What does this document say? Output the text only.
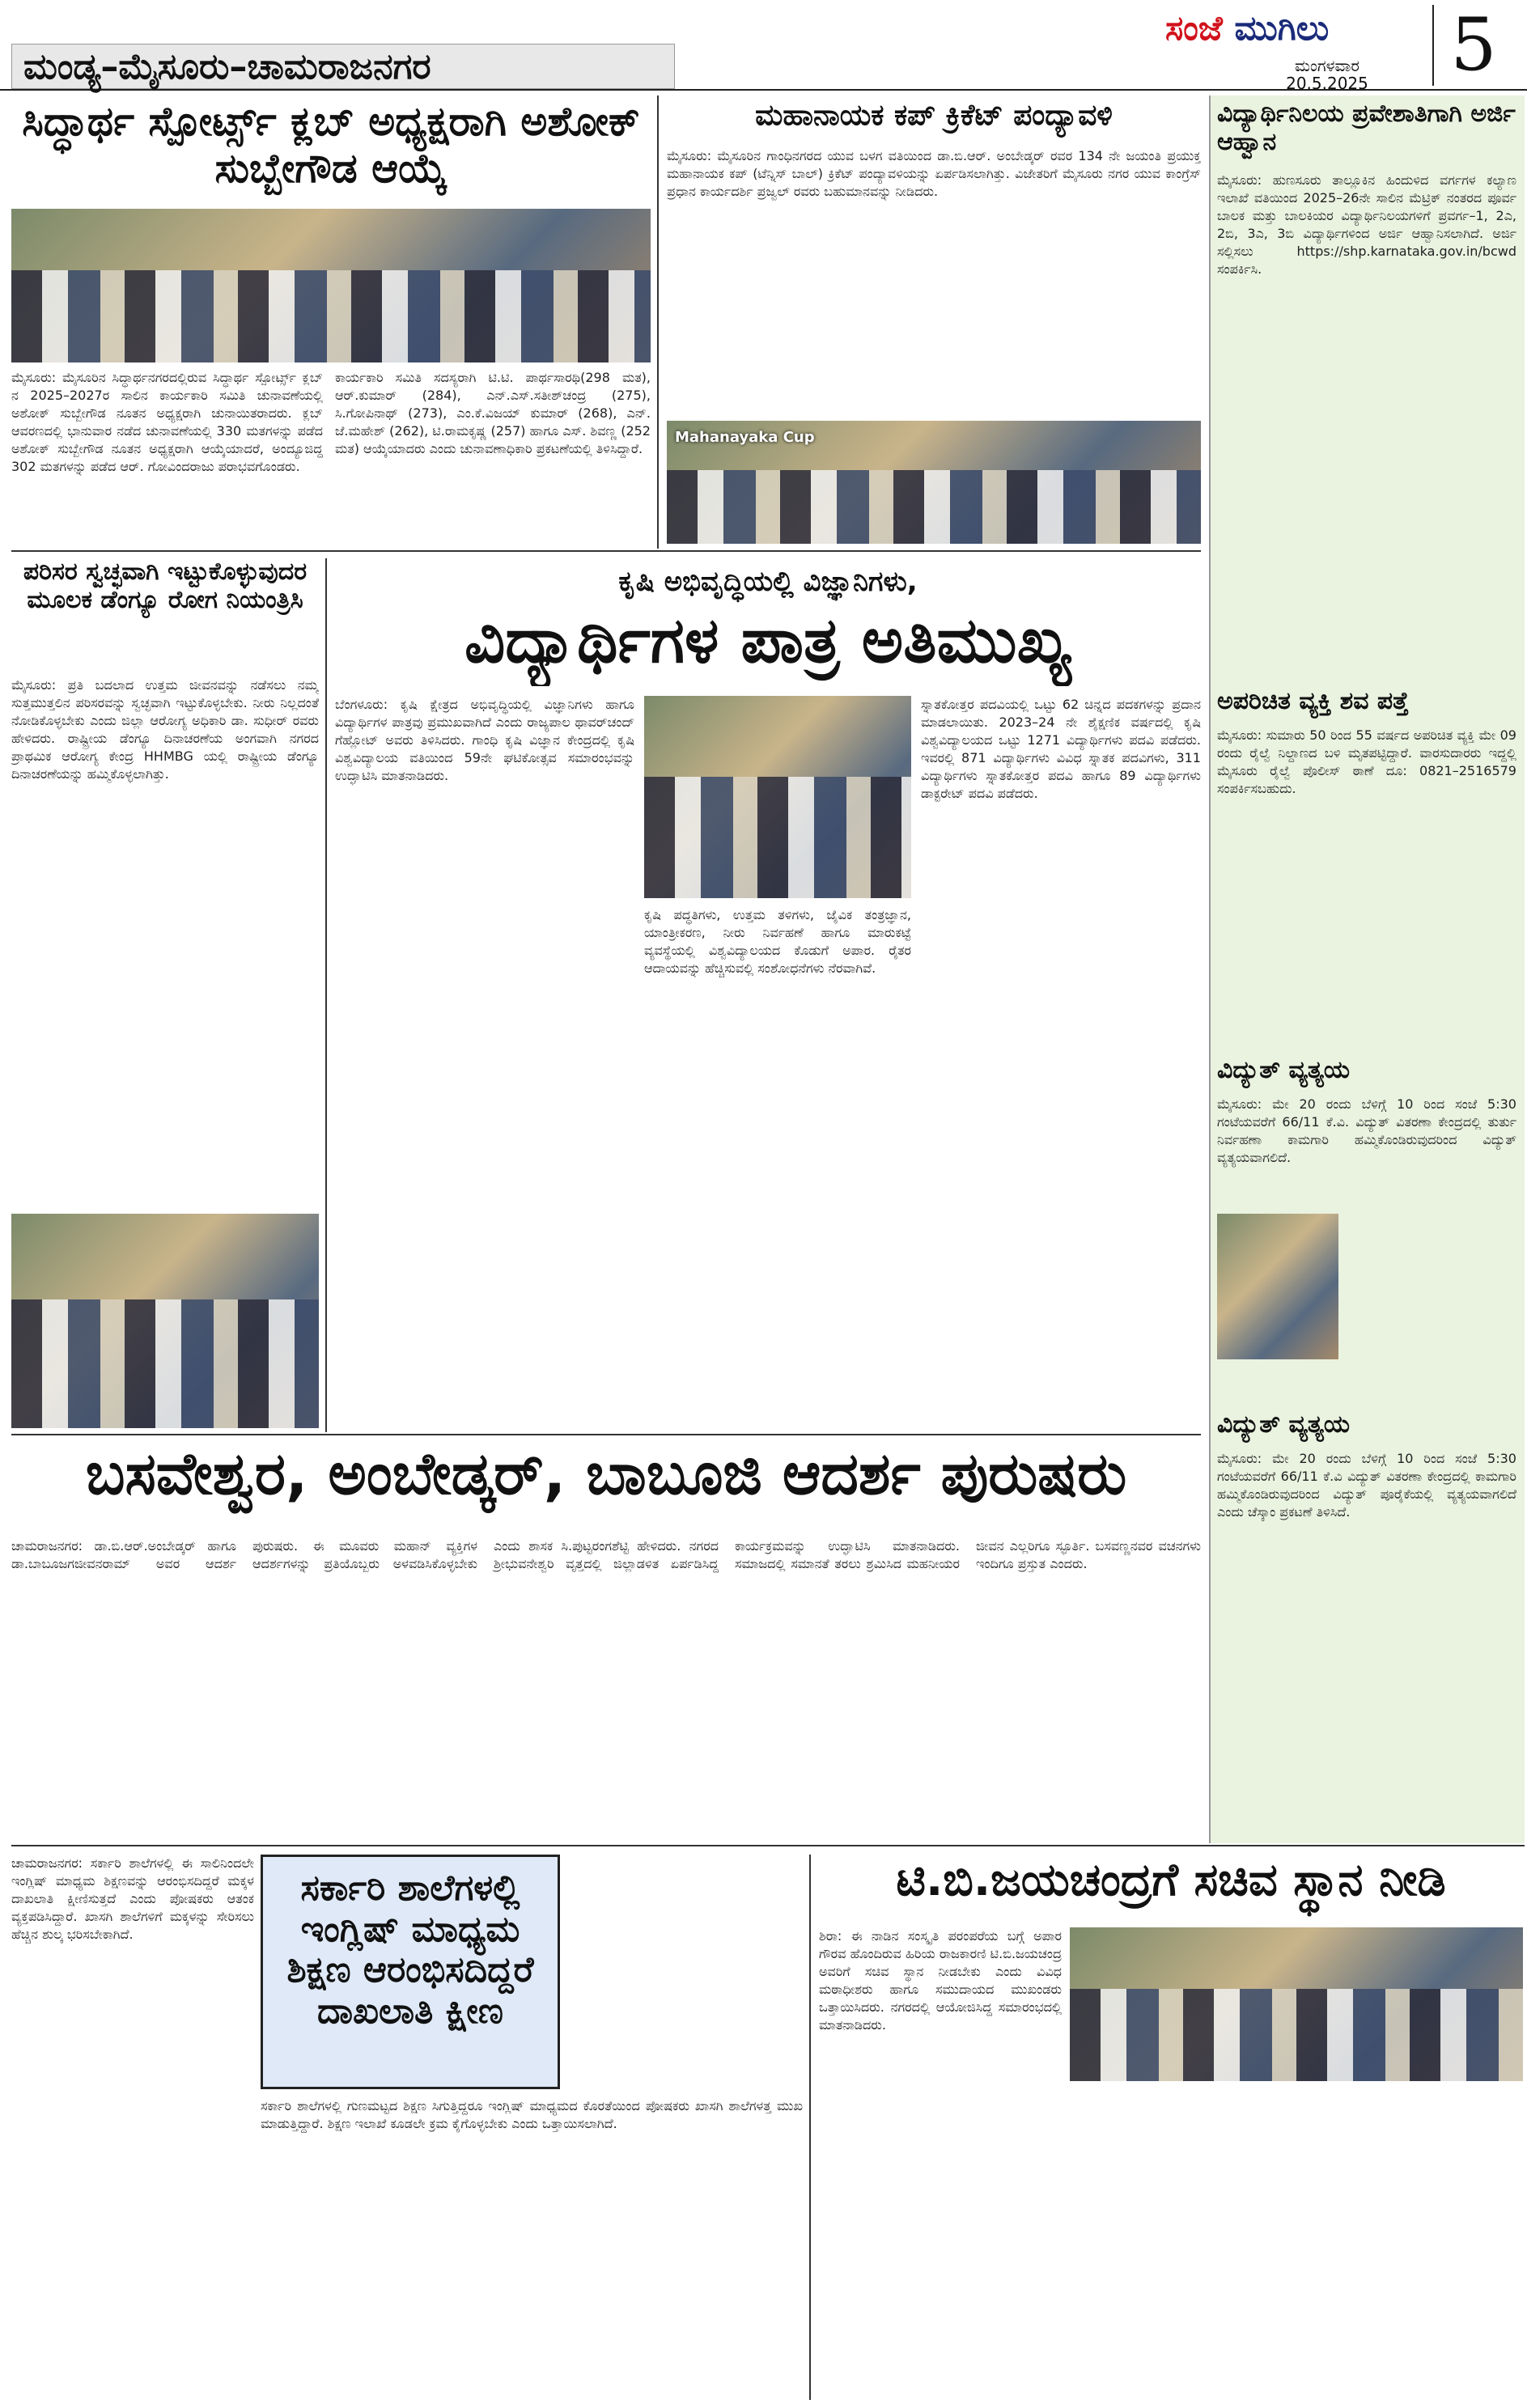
ಮಂಡ್ಯ–ಮೈಸೂರು–ಚಾಮರಾಜನಗರ
ಸಂಜೆ ಮುಗಿಲು
ಮಂಗಳವಾರ
20.5.2025	5
ಸಿದ್ಧಾರ್ಥ ಸ್ಪೋರ್ಟ್ಸ್ ಕ್ಲಬ್ ಅಧ್ಯಕ್ಷರಾಗಿ ಅಶೋಕ್ ಸುಬ್ಬೇಗೌಡ ಆಯ್ಕೆ
ಮೈಸೂರು: ಮೈಸೂರಿನ ಸಿದ್ಧಾರ್ಥನಗರದಲ್ಲಿರುವ ಸಿದ್ಧಾರ್ಥ ಸ್ಪೋರ್ಟ್ಸ್ ಕ್ಲಬ್ ನ 2025–2027ರ ಸಾಲಿನ ಕಾರ್ಯಕಾರಿ ಸಮಿತಿ ಚುನಾವಣೆಯಲ್ಲಿ ಅಶೋಕ್ ಸುಬ್ಬೇಗೌಡ ನೂತನ ಅಧ್ಯಕ್ಷರಾಗಿ ಚುನಾಯಿತರಾದರು. ಕ್ಲಬ್ ಆವರಣದಲ್ಲಿ ಭಾನುವಾರ ನಡೆದ ಚುನಾವಣೆಯಲ್ಲಿ 330 ಮತಗಳನ್ನು ಪಡೆದ ಅಶೋಕ್ ಸುಬ್ಬೇಗೌಡ ನೂತನ ಅಧ್ಯಕ್ಷರಾಗಿ ಆಯ್ಕೆಯಾದರೆ, ಅಂದ್ಯೂಜಿದ್ದ 302 ಮತಗಳನ್ನು ಪಡೆದ ಆರ್. ಗೋವಿಂದರಾಜು ಪರಾಭವಗೊಂಡರು.
ಕಾರ್ಯಕಾರಿ ಸಮಿತಿ ಸದಸ್ಯರಾಗಿ ಟಿ.ಟಿ. ಪಾರ್ಥಸಾರಥಿ(298 ಮತ), ಆರ್.ಕುಮಾರ್ (284), ಎನ್.ಎಸ್.ಸತೀಶ್‌ಚಂದ್ರ (275), ಸಿ.ಗೋಪಿನಾಥ್ (273), ಎಂ.ಕೆ.ವಿಜಯ್ ಕುಮಾರ್ (268), ಎನ್. ಜೆ.ಮಹೇಶ್ (262), ಟಿ.ರಾಮಕೃಷ್ಣ (257) ಹಾಗೂ ಎಸ್. ಶಿವಣ್ಣ (252 ಮತ) ಆಯ್ಕೆಯಾದರು ಎಂದು ಚುನಾವಣಾಧಿಕಾರಿ ಪ್ರಕಟಣೆಯಲ್ಲಿ ತಿಳಿಸಿದ್ದಾರೆ.
ಮಹಾನಾಯಕ ಕಪ್ ಕ್ರಿಕೆಟ್ ಪಂದ್ಯಾವಳಿ
ಮೈಸೂರು: ಮೈಸೂರಿನ ಗಾಂಧಿನಗರದ ಯುವ ಬಳಗ ವತಿಯಿಂದ ಡಾ.ಬಿ.ಆರ್. ಅಂಬೇಡ್ಕರ್ ರವರ 134 ನೇ ಜಯಂತಿ ಪ್ರಯುಕ್ತ ಮಹಾನಾಯಕ ಕಪ್ (ಟೆನ್ನಿಸ್ ಬಾಲ್) ಕ್ರಿಕೆಟ್ ಪಂದ್ಯಾವಳಿಯನ್ನು ಏರ್ಪಡಿಸಲಾಗಿತ್ತು. ವಿಜೇತರಿಗೆ ಮೈಸೂರು ನಗರ ಯುವ ಕಾಂಗ್ರೆಸ್ ಪ್ರಧಾನ ಕಾರ್ಯದರ್ಶಿ ಪ್ರಜ್ವಲ್ ರವರು ಬಹುಮಾನವನ್ನು ನೀಡಿದರು.
Mahanayaka Cup
ಪರಿಸರ ಸ್ವಚ್ಛವಾಗಿ ಇಟ್ಟುಕೊಳ್ಳುವುದರ ಮೂಲಕ ಡೆಂಗ್ಯೂ ರೋಗ ನಿಯಂತ್ರಿಸಿ
ಮೈಸೂರು: ಪ್ರತಿ ಬದಲಾದ ಉತ್ತಮ ಜೀವನವನ್ನು ನಡೆಸಲು ನಮ್ಮ ಸುತ್ತಮುತ್ತಲಿನ ಪರಿಸರವನ್ನು ಸ್ವಚ್ಛವಾಗಿ ಇಟ್ಟುಕೊಳ್ಳಬೇಕು. ನೀರು ನಿಲ್ಲದಂತೆ ನೋಡಿಕೊಳ್ಳಬೇಕು ಎಂದು ಜಿಲ್ಲಾ ಆರೋಗ್ಯ ಅಧಿಕಾರಿ ಡಾ. ಸುಧೀರ್ ರವರು ಹೇಳಿದರು. ರಾಷ್ಟ್ರೀಯ ಡೆಂಗ್ಯೂ ದಿನಾಚರಣೆಯ ಅಂಗವಾಗಿ ನಗರದ ಪ್ರಾಥಮಿಕ ಆರೋಗ್ಯ ಕೇಂದ್ರ HHMBG ಯಲ್ಲಿ ರಾಷ್ಟ್ರೀಯ ಡೆಂಗ್ಯೂ ದಿನಾಚರಣೆಯನ್ನು ಹಮ್ಮಿಕೊಳ್ಳಲಾಗಿತ್ತು.
ಕೃಷಿ ಅಭಿವೃದ್ಧಿಯಲ್ಲಿ ವಿಜ್ಞಾನಿಗಳು,
ವಿದ್ಯಾರ್ಥಿಗಳ ಪಾತ್ರ ಅತಿಮುಖ್ಯ
ಬೆಂಗಳೂರು: ಕೃಷಿ ಕ್ಷೇತ್ರದ ಅಭಿವೃದ್ಧಿಯಲ್ಲಿ ವಿಜ್ಞಾನಿಗಳು ಹಾಗೂ ವಿದ್ಯಾರ್ಥಿಗಳ ಪಾತ್ರವು ಪ್ರಮುಖವಾಗಿದೆ ಎಂದು ರಾಜ್ಯಪಾಲ ಥಾವರ್‌ಚಂದ್ ಗೆಹ್ಲೋಟ್ ಅವರು ತಿಳಿಸಿದರು. ಗಾಂಧಿ ಕೃಷಿ ವಿಜ್ಞಾನ ಕೇಂದ್ರದಲ್ಲಿ ಕೃಷಿ ವಿಶ್ವವಿದ್ಯಾಲಯ ವತಿಯಿಂದ 59ನೇ ಘಟಿಕೋತ್ಸವ ಸಮಾರಂಭವನ್ನು ಉದ್ಘಾಟಿಸಿ ಮಾತನಾಡಿದರು.
ಕೃಷಿ ಪದ್ಧತಿಗಳು, ಉತ್ತಮ ತಳಿಗಳು, ಜೈವಿಕ ತಂತ್ರಜ್ಞಾನ, ಯಾಂತ್ರೀಕರಣ, ನೀರು ನಿರ್ವಹಣೆ ಹಾಗೂ ಮಾರುಕಟ್ಟೆ ವ್ಯವಸ್ಥೆಯಲ್ಲಿ ವಿಶ್ವವಿದ್ಯಾಲಯದ ಕೊಡುಗೆ ಅಪಾರ. ರೈತರ ಆದಾಯವನ್ನು ಹೆಚ್ಚಿಸುವಲ್ಲಿ ಸಂಶೋಧನೆಗಳು ನೆರವಾಗಿವೆ.
ಸ್ನಾತಕೋತ್ತರ ಪದವಿಯಲ್ಲಿ ಒಟ್ಟು 62 ಚಿನ್ನದ ಪದಕಗಳನ್ನು ಪ್ರದಾನ ಮಾಡಲಾಯಿತು. 2023–24 ನೇ ಶೈಕ್ಷಣಿಕ ವರ್ಷದಲ್ಲಿ ಕೃಷಿ ವಿಶ್ವವಿದ್ಯಾಲಯದ ಒಟ್ಟು 1271 ವಿದ್ಯಾರ್ಥಿಗಳು ಪದವಿ ಪಡೆದರು. ಇವರಲ್ಲಿ 871 ವಿದ್ಯಾರ್ಥಿಗಳು ವಿವಿಧ ಸ್ನಾತಕ ಪದವಿಗಳು, 311 ವಿದ್ಯಾರ್ಥಿಗಳು ಸ್ನಾತಕೋತ್ತರ ಪದವಿ ಹಾಗೂ 89 ವಿದ್ಯಾರ್ಥಿಗಳು ಡಾಕ್ಟರೇಟ್ ಪದವಿ ಪಡೆದರು.
ಬಸವೇಶ್ವರ, ಅಂಬೇಡ್ಕರ್, ಬಾಬೂಜಿ ಆದರ್ಶ ಪುರುಷರು
ಚಾಮರಾಜನಗರ: ಡಾ.ಬಿ.ಆರ್.ಅಂಬೇಡ್ಕರ್ ಹಾಗೂ ಡಾ.ಬಾಬೂಜಗಜೀವನರಾಮ್ ಅವರ ಆದರ್ಶ ಪುರುಷರು. ಈ ಮೂವರು ಮಹಾನ್ ವ್ಯಕ್ತಿಗಳ ಆದರ್ಶಗಳನ್ನು ಪ್ರತಿಯೊಬ್ಬರು ಅಳವಡಿಸಿಕೊಳ್ಳಬೇಕು ಎಂದು ಶಾಸಕ ಸಿ.ಪುಟ್ಟರಂಗಶೆಟ್ಟಿ ಹೇಳಿದರು. ನಗರದ ಶ್ರೀಭುವನೇಶ್ವರಿ ವೃತ್ತದಲ್ಲಿ ಜಿಲ್ಲಾಡಳಿತ ಏರ್ಪಡಿಸಿದ್ದ ಕಾರ್ಯಕ್ರಮವನ್ನು ಉದ್ಘಾಟಿಸಿ ಮಾತನಾಡಿದರು. ಸಮಾಜದಲ್ಲಿ ಸಮಾನತೆ ತರಲು ಶ್ರಮಿಸಿದ ಮಹನೀಯರ ಜೀವನ ಎಲ್ಲರಿಗೂ ಸ್ಫೂರ್ತಿ. ಬಸವಣ್ಣನವರ ವಚನಗಳು ಇಂದಿಗೂ ಪ್ರಸ್ತುತ ಎಂದರು.
ವಿದ್ಯಾರ್ಥಿನಿಲಯ ಪ್ರವೇಶಾತಿಗಾಗಿ ಅರ್ಜಿ ಆಹ್ವಾನ
ಮೈಸೂರು: ಹುಣಸೂರು ತಾಲ್ಲೂಕಿನ ಹಿಂದುಳಿದ ವರ್ಗಗಳ ಕಲ್ಯಾಣ ಇಲಾಖೆ ವತಿಯಿಂದ 2025–26ನೇ ಸಾಲಿನ ಮೆಟ್ರಿಕ್ ನಂತರದ ಪೂರ್ವ ಬಾಲಕ ಮತ್ತು ಬಾಲಕಿಯರ ವಿದ್ಯಾರ್ಥಿನಿಲಯಗಳಿಗೆ ಪ್ರವರ್ಗ–1, 2ಎ, 2ಬಿ, 3ಎ, 3ಬಿ ವಿದ್ಯಾರ್ಥಿಗಳಿಂದ ಅರ್ಜಿ ಆಹ್ವಾನಿಸಲಾಗಿದೆ. ಅರ್ಜಿ ಸಲ್ಲಿಸಲು https://shp.karnataka.gov.in/bcwd ಸಂಪರ್ಕಿಸಿ.
ಅಪರಿಚಿತ ವ್ಯಕ್ತಿ ಶವ ಪತ್ತೆ
ಮೈಸೂರು: ಸುಮಾರು 50 ರಿಂದ 55 ವರ್ಷದ ಅಪರಿಚಿತ ವ್ಯಕ್ತಿ ಮೇ 09 ರಂದು ರೈಲ್ವೆ ನಿಲ್ದಾಣದ ಬಳಿ ಮೃತಪಟ್ಟಿದ್ದಾರೆ. ವಾರಸುದಾರರು ಇದ್ದಲ್ಲಿ ಮೈಸೂರು ರೈಲ್ವೆ ಪೊಲೀಸ್ ಠಾಣೆ ದೂ: 0821–2516579 ಸಂಪರ್ಕಿಸಬಹುದು.
ವಿದ್ಯುತ್ ವ್ಯತ್ಯಯ
ಮೈಸೂರು: ಮೇ 20 ರಂದು ಬೆಳಿಗ್ಗೆ 10 ರಿಂದ ಸಂಜೆ 5:30 ಗಂಟೆಯವರೆಗೆ 66/11 ಕೆ.ವಿ. ವಿದ್ಯುತ್ ವಿತರಣಾ ಕೇಂದ್ರದಲ್ಲಿ ತುರ್ತು ನಿರ್ವಹಣಾ ಕಾಮಗಾರಿ ಹಮ್ಮಿಕೊಂಡಿರುವುದರಿಂದ ವಿದ್ಯುತ್ ವ್ಯತ್ಯಯವಾಗಲಿದೆ.
ವಿದ್ಯುತ್ ವ್ಯತ್ಯಯ
ಮೈಸೂರು: ಮೇ 20 ರಂದು ಬೆಳಿಗ್ಗೆ 10 ರಿಂದ ಸಂಜೆ 5:30 ಗಂಟೆಯವರೆಗೆ 66/11 ಕೆ.ವಿ ವಿದ್ಯುತ್ ವಿತರಣಾ ಕೇಂದ್ರದಲ್ಲಿ ಕಾಮಗಾರಿ ಹಮ್ಮಿಕೊಂಡಿರುವುದರಿಂದ ವಿದ್ಯುತ್ ಪೂರೈಕೆಯಲ್ಲಿ ವ್ಯತ್ಯಯವಾಗಲಿದೆ ಎಂದು ಚೆಸ್ಕಾಂ ಪ್ರಕಟಣೆ ತಿಳಿಸಿದೆ.
ಚಾಮರಾಜನಗರ: ಸರ್ಕಾರಿ ಶಾಲೆಗಳಲ್ಲಿ ಈ ಸಾಲಿನಿಂದಲೇ ಇಂಗ್ಲಿಷ್ ಮಾಧ್ಯಮ ಶಿಕ್ಷಣವನ್ನು ಆರಂಭಿಸದಿದ್ದರೆ ಮಕ್ಕಳ ದಾಖಲಾತಿ ಕ್ಷೀಣಿಸುತ್ತದೆ ಎಂದು ಪೋಷಕರು ಆತಂಕ ವ್ಯಕ್ತಪಡಿಸಿದ್ದಾರೆ. ಖಾಸಗಿ ಶಾಲೆಗಳಿಗೆ ಮಕ್ಕಳನ್ನು ಸೇರಿಸಲು ಹೆಚ್ಚಿನ ಶುಲ್ಕ ಭರಿಸಬೇಕಾಗಿದೆ.
ಸರ್ಕಾರಿ ಶಾಲೆಗಳಲ್ಲಿ ಇಂಗ್ಲಿಷ್ ಮಾಧ್ಯಮ ಶಿಕ್ಷಣ ಆರಂಭಿಸದಿದ್ದರೆ ದಾಖಲಾತಿ ಕ್ಷೀಣ
ಸರ್ಕಾರಿ ಶಾಲೆಗಳಲ್ಲಿ ಗುಣಮಟ್ಟದ ಶಿಕ್ಷಣ ಸಿಗುತ್ತಿದ್ದರೂ ಇಂಗ್ಲಿಷ್ ಮಾಧ್ಯಮದ ಕೊರತೆಯಿಂದ ಪೋಷಕರು ಖಾಸಗಿ ಶಾಲೆಗಳತ್ತ ಮುಖ ಮಾಡುತ್ತಿದ್ದಾರೆ. ಶಿಕ್ಷಣ ಇಲಾಖೆ ಕೂಡಲೇ ಕ್ರಮ ಕೈಗೊಳ್ಳಬೇಕು ಎಂದು ಒತ್ತಾಯಿಸಲಾಗಿದೆ.
ಟಿ.ಬಿ.ಜಯಚಂದ್ರಗೆ ಸಚಿವ ಸ್ಥಾನ ನೀಡಿ
ಶಿರಾ: ಈ ನಾಡಿನ ಸಂಸ್ಕೃತಿ ಪರಂಪರೆಯ ಬಗ್ಗೆ ಅಪಾರ ಗೌರವ ಹೊಂದಿರುವ ಹಿರಿಯ ರಾಜಕಾರಣಿ ಟಿ.ಬಿ.ಜಯಚಂದ್ರ ಅವರಿಗೆ ಸಚಿವ ಸ್ಥಾನ ನೀಡಬೇಕು ಎಂದು ವಿವಿಧ ಮಠಾಧೀಶರು ಹಾಗೂ ಸಮುದಾಯದ ಮುಖಂಡರು ಒತ್ತಾಯಿಸಿದರು. ನಗರದಲ್ಲಿ ಆಯೋಜಿಸಿದ್ದ ಸಮಾರಂಭದಲ್ಲಿ ಮಾತನಾಡಿದರು.
